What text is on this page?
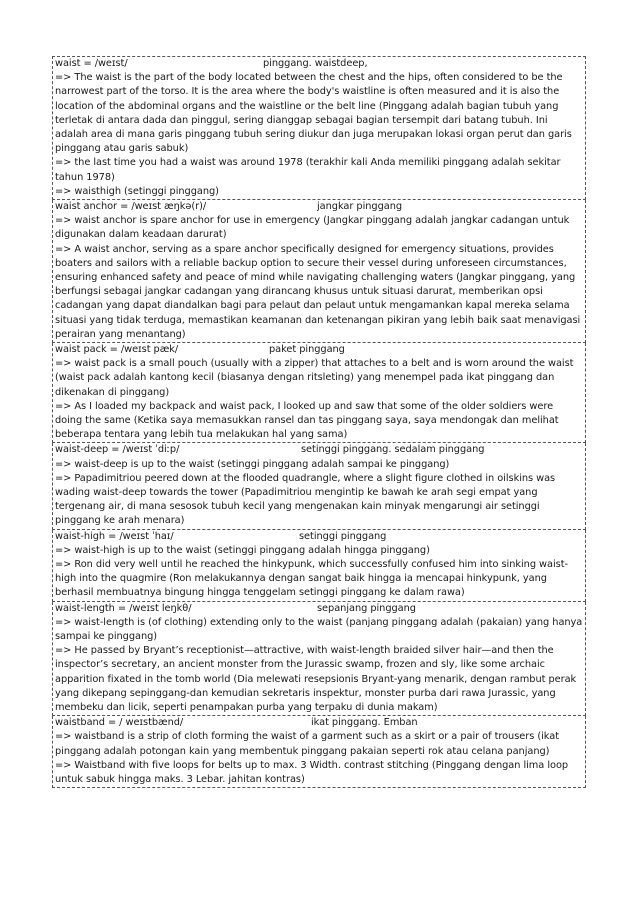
waist = /weɪst/	pinggang. waistdeep,
=> The waist is the part of the body located between the chest and the hips, often considered to be the narrowest part of the torso. It is the area where the body's waistline is often measured and it is also the location of the abdominal organs and the waistline or the belt line (Pinggang adalah bagian tubuh yang terletak di antara dada dan pinggul, sering dianggap sebagai bagian tersempit dari batang tubuh. Ini adalah area di mana garis pinggang tubuh sering diukur dan juga merupakan lokasi organ perut dan garis pinggang atau garis sabuk)
=> the last time you had a waist was around 1978 (terakhir kali Anda memiliki pinggang adalah sekitar tahun 1978)
=> waisthigh (setinggi pinggang)
waist anchor = /weɪst æŋkə(r)/	jangkar pinggang
=> waist anchor is spare anchor for use in emergency (Jangkar pinggang adalah jangkar cadangan untuk digunakan dalam keadaan darurat)
=> A waist anchor, serving as a spare anchor specifically designed for emergency situations, provides boaters and sailors with a reliable backup option to secure their vessel during unforeseen circumstances, ensuring enhanced safety and peace of mind while navigating challenging waters (Jangkar pinggang, yang berfungsi sebagai jangkar cadangan yang dirancang khusus untuk situasi darurat, memberikan opsi cadangan yang dapat diandalkan bagi para pelaut dan pelaut untuk mengamankan kapal mereka selama situasi yang tidak terduga, memastikan keamanan dan ketenangan pikiran yang lebih baik saat menavigasi perairan yang menantang)
waist pack = /weɪst pæk/	paket pinggang
=> waist pack is a small pouch (usually with a zipper) that attaches to a belt and is worn around the waist (waist pack adalah kantong kecil (biasanya dengan ritsleting) yang menempel pada ikat pinggang dan dikenakan di pinggang)
=> As I loaded my backpack and waist pack, I looked up and saw that some of the older soldiers were doing the same (Ketika saya memasukkan ransel dan tas pinggang saya, saya mendongak dan melihat beberapa tentara yang lebih tua melakukan hal yang sama)
waist-deep = /weɪst ˈdiːp/	setinggi pinggang. sedalam pinggang
=> waist-deep is up to the waist (setinggi pinggang adalah sampai ke pinggang)
=> Papadimitriou peered down at the flooded quadrangle, where a slight figure clothed in oilskins was wading waist-deep towards the tower (Papadimitriou mengintip ke bawah ke arah segi empat yang tergenang air, di mana sesosok tubuh kecil yang mengenakan kain minyak mengarungi air setinggi pinggang ke arah menara)
waist-high = /weɪst ˈhaɪ/	setinggi pinggang
=> waist-high is up to the waist (setinggi pinggang adalah hingga pinggang)
=> Ron did very well until he reached the hinkypunk, which successfully confused him into sinking waist-high into the quagmire (Ron melakukannya dengan sangat baik hingga ia mencapai hinkypunk, yang berhasil membuatnya bingung hingga tenggelam setinggi pinggang ke dalam rawa)
waist-length = /weɪst leŋkθ/	sepanjang pinggang
=> waist-length is (of clothing) extending only to the waist (panjang pinggang adalah (pakaian) yang hanya sampai ke pinggang)
=> He passed by Bryant’s receptionist—attractive, with waist-length braided silver hair—and then the inspector’s secretary, an ancient monster from the Jurassic swamp, frozen and sly, like some archaic apparition fixated in the tomb world (Dia melewati resepsionis Bryant-yang menarik, dengan rambut perak yang dikepang sepinggang-dan kemudian sekretaris inspektur, monster purba dari rawa Jurassic, yang membeku dan licik, seperti penampakan purba yang terpaku di dunia makam)
waistband = / weɪstbænd/	ikat pinggang. Emban
=> waistband is a strip of cloth forming the waist of a garment such as a skirt or a pair of trousers (ikat pinggang adalah potongan kain yang membentuk pinggang pakaian seperti rok atau celana panjang)
=> Waistband with five loops for belts up to max. 3 Width. contrast stitching (Pinggang dengan lima loop untuk sabuk hingga maks. 3 Lebar. jahitan kontras)
